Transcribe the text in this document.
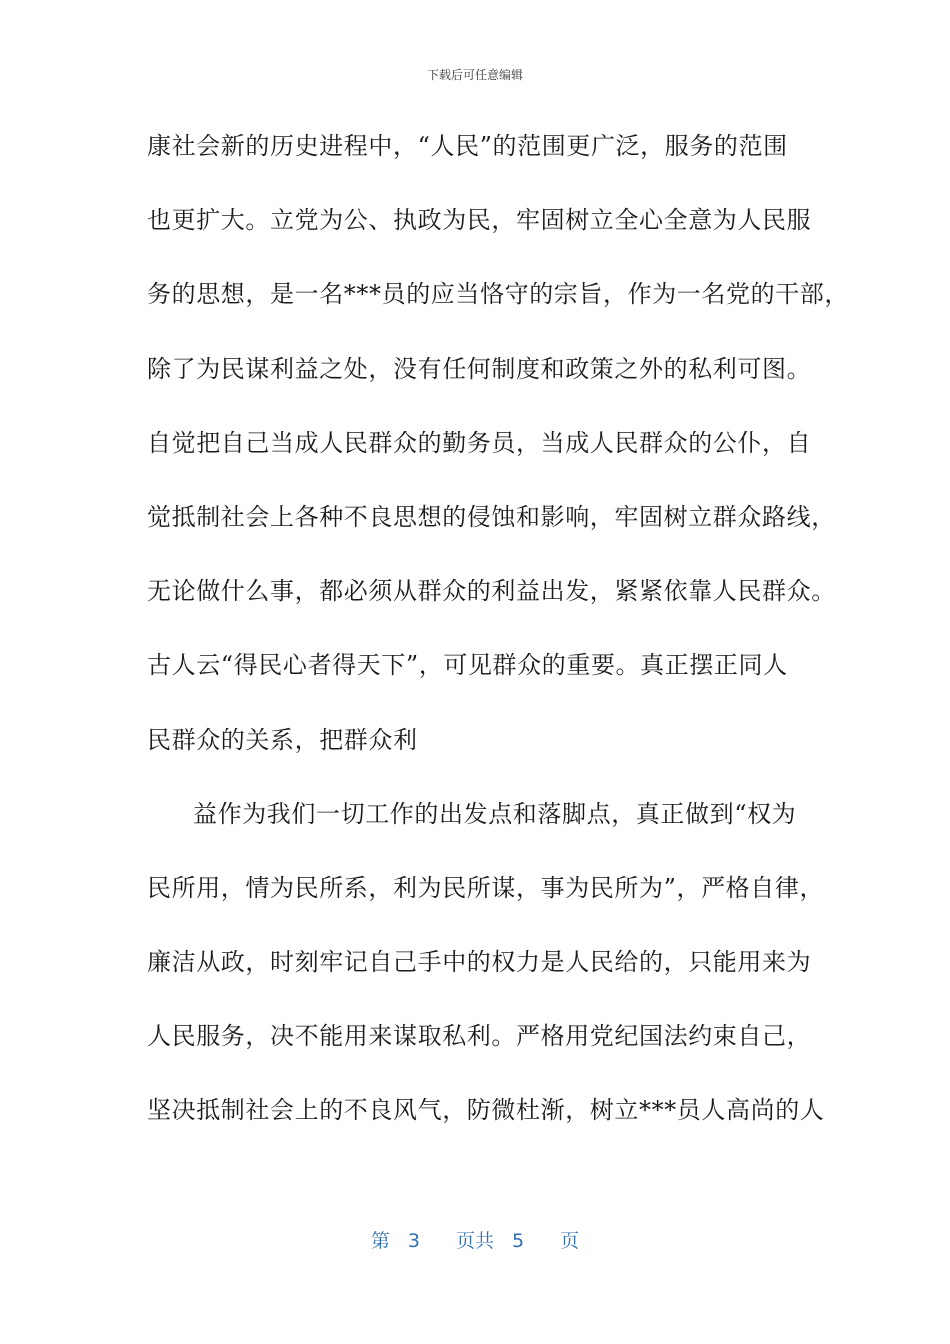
下载后可任意编辑
康社会新的历史进程中，“人民”的范围更广泛，服务的范围
也更扩大。立党为公、执政为民，牢固树立全心全意为人民服
务的思想，是一名***员的应当恪守的宗旨，作为一名党的干部，
除了为民谋利益之处，没有任何制度和政策之外的私利可图。
自觉把自己当成人民群众的勤务员，当成人民群众的公仆，自
觉抵制社会上各种不良思想的侵蚀和影响，牢固树立群众路线，
无论做什么事，都必须从群众的利益出发，紧紧依靠人民群众。
古人云“得民心者得天下”，可见群众的重要。真正摆正同人
民群众的关系，把群众利
益作为我们一切工作的出发点和落脚点，真正做到“权为
民所用，情为民所系，利为民所谋，事为民所为”，严格自律，
廉洁从政，时刻牢记自己手中的权力是人民给的，只能用来为
人民服务，决不能用来谋取私利。严格用党纪国法约束自己，
坚决抵制社会上的不良风气，防微杜渐，树立***员人高尚的人
第 3 页共 5 页
